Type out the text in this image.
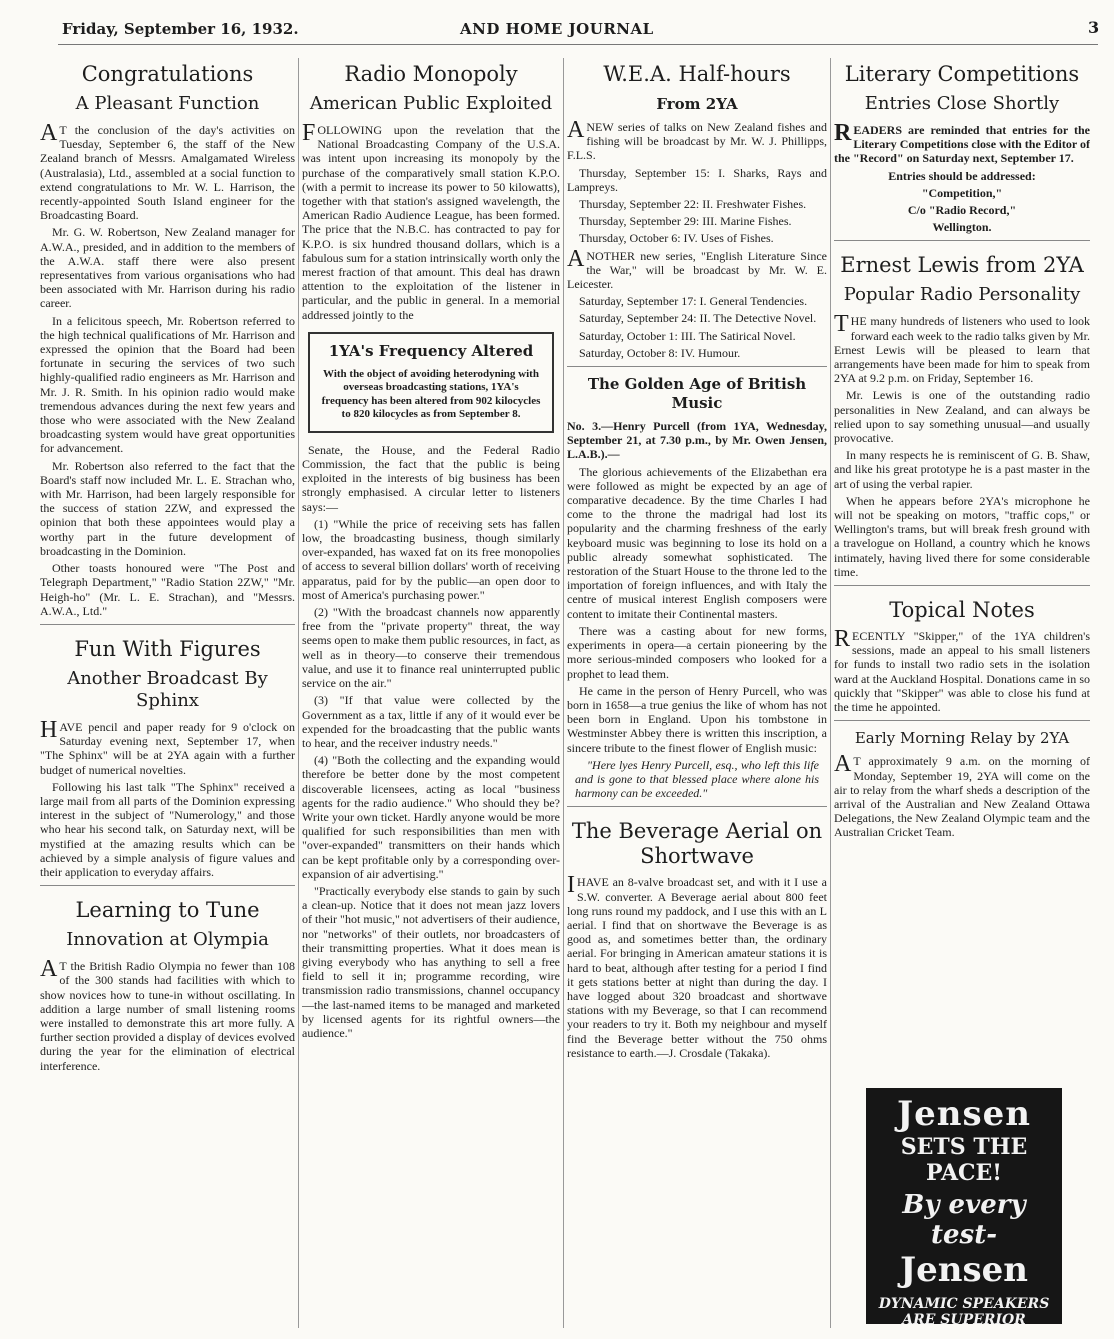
Friday, September 16, 1932.	AND HOME JOURNAL	3
Congratulations
A Pleasant Function

AT the conclusion of the day's activities on Tuesday, September 6, the staff of the New Zealand branch of Messrs. Amalgamated Wireless (Australasia), Ltd., assembled at a social function to extend congratulations to Mr. W. L. Harrison, the recently-appointed South Island engineer for the Broadcasting Board.

Mr. G. W. Robertson, New Zealand manager for A.W.A., presided, and in addition to the members of the A.W.A. staff there were also present representatives from various organisations who had been associated with Mr. Harrison during his radio career.

In a felicitous speech, Mr. Robertson referred to the high technical qualifications of Mr. Harrison and expressed the opinion that the Board had been fortunate in securing the services of two such highly-qualified radio engineers as Mr. Harrison and Mr. J. R. Smith. In his opinion radio would make tremendous advances during the next few years and those who were associated with the New Zealand broadcasting system would have great opportunities for advancement.

Mr. Robertson also referred to the fact that the Board's staff now included Mr. L. E. Strachan who, with Mr. Harrison, had been largely responsible for the success of station 2ZW, and expressed the opinion that both these appointees would play a worthy part in the future development of broadcasting in the Dominion.

Other toasts honoured were "The Post and Telegraph Department," "Radio Station 2ZW," "Mr. Heigh-ho" (Mr. L. E. Strachan), and "Messrs. A.W.A., Ltd."

Fun With Figures
Another Broadcast By Sphinx

HAVE pencil and paper ready for 9 o'clock on Saturday evening next, September 17, when "The Sphinx" will be at 2YA again with a further budget of numerical novelties.

Following his last talk "The Sphinx" received a large mail from all parts of the Dominion expressing interest in the subject of "Numerology," and those who hear his second talk, on Saturday next, will be mystified at the amazing results which can be achieved by a simple analysis of figure values and their application to everyday affairs.

Learning to Tune
Innovation at Olympia

AT the British Radio Olympia no fewer than 108 of the 300 stands had facilities with which to show novices how to tune-in without oscillating. In addition a large number of small listening rooms were installed to demonstrate this art more fully. A further section provided a display of devices evolved during the year for the elimination of electrical interference.

Radio Monopoly
American Public Exploited

FOLLOWING upon the revelation that the National Broadcasting Company of the U.S.A. was intent upon increasing its monopoly by the purchase of the comparatively small station K.P.O. (with a permit to increase its power to 50 kilowatts), together with that station's assigned wavelength, the American Radio Audience League, has been formed. The price that the N.B.C. has contracted to pay for K.P.O. is six hundred thousand dollars, which is a fabulous sum for a station intrinsically worth only the merest fraction of that amount. This deal has drawn attention to the exploitation of the listener in particular, and the public in general. In a memorial addressed jointly to the

1YA's Frequency Altered

With the object of avoiding heterodyning with overseas broadcasting stations, 1YA's frequency has been altered from 902 kilocycles to 820 kilocycles as from September 8.

Senate, the House, and the Federal Radio Commission, the fact that the public is being exploited in the interests of big business has been strongly emphasised. A circular letter to listeners says:—

(1) "While the price of receiving sets has fallen low, the broadcasting business, though similarly over-expanded, has waxed fat on its free monopolies of access to several billion dollars' worth of receiving apparatus, paid for by the public—an open door to most of America's purchasing power."

(2) "With the broadcast channels now apparently free from the "private property" threat, the way seems open to make them public resources, in fact, as well as in theory—to conserve their tremendous value, and use it to finance real uninterrupted public service on the air."

(3) "If that value were collected by the Government as a tax, little if any of it would ever be expended for the broadcasting that the public wants to hear, and the receiver industry needs."

(4) "Both the collecting and the expanding would therefore be better done by the most competent discoverable licensees, acting as local "business agents for the radio audience." Who should they be? Write your own ticket. Hardly anyone would be more qualified for such responsibilities than men with "over-expanded" transmitters on their hands which can be kept profitable only by a corresponding over-expansion of air advertising."

"Practically everybody else stands to gain by such a clean-up. Notice that it does not mean jazz lovers of their "hot music," not advertisers of their audience, nor "networks" of their outlets, nor broadcasters of their transmitting properties. What it does mean is giving everybody who has anything to sell a free field to sell it in; programme recording, wire transmission radio transmissions, channel occupancy —the last-named items to be managed and marketed by licensed agents for its rightful owners—the audience."

W.E.A. Half-hours
From 2YA

ANEW series of talks on New Zealand fishes and fishing will be broadcast by Mr. W. J. Phillipps, F.L.S.

Thursday, September 15: I. Sharks, Rays and Lampreys.

Thursday, September 22: II. Freshwater Fishes.

Thursday, September 29: III. Marine Fishes.

Thursday, October 6: IV. Uses of Fishes.

ANOTHER new series, "English Literature Since the War," will be broadcast by Mr. W. E. Leicester.

Saturday, September 17: I. General Tendencies.

Saturday, September 24: II. The Detective Novel.

Saturday, October 1: III. The Satirical Novel.

Saturday, October 8: IV. Humour.

The Golden Age of British Music

No. 3.—Henry Purcell (from 1YA, Wednesday, September 21, at 7.30 p.m., by Mr. Owen Jensen, L.A.B.).—

The glorious achievements of the Elizabethan era were followed as might be expected by an age of comparative decadence. By the time Charles I had come to the throne the madrigal had lost its popularity and the charming freshness of the early keyboard music was beginning to lose its hold on a public already somewhat sophisticated. The restoration of the Stuart House to the throne led to the importation of foreign influences, and with Italy the centre of musical interest English composers were content to imitate their Continental masters.

There was a casting about for new forms, experiments in opera—a certain pioneering by the more serious-minded composers who looked for a prophet to lead them.

He came in the person of Henry Purcell, who was born in 1658—a true genius the like of whom has not been born in England. Upon his tombstone in Westminster Abbey there is written this inscription, a sincere tribute to the finest flower of English music:

"Here lyes Henry Purcell, esq., who left this life and is gone to that blessed place where alone his harmony can be exceeded."

The Beverage Aerial on Shortwave

IHAVE an 8-valve broadcast set, and with it I use a S.W. converter. A Beverage aerial about 800 feet long runs round my paddock, and I use this with an L aerial. I find that on shortwave the Beverage is as good as, and sometimes better than, the ordinary aerial. For bringing in American amateur stations it is hard to beat, although after testing for a period I find it gets stations better at night than during the day. I have logged about 320 broadcast and shortwave stations with my Beverage, so that I can recommend your readers to try it. Both my neighbour and myself find the Beverage better without the 750 ohms resistance to earth.—J. Crosdale (Takaka).

Literary Competitions
Entries Close Shortly

READERS are reminded that entries for the Literary Competitions close with the Editor of the "Record" on Saturday next, September 17.

Entries should be addressed:

"Competition,"

C/o "Radio Record,"

Wellington.

Ernest Lewis from 2YA
Popular Radio Personality

THE many hundreds of listeners who used to look forward each week to the radio talks given by Mr. Ernest Lewis will be pleased to learn that arrangements have been made for him to speak from 2YA at 9.2 p.m. on Friday, September 16.

Mr. Lewis is one of the outstanding radio personalities in New Zealand, and can always be relied upon to say something unusual—and usually provocative.

In many respects he is reminiscent of G. B. Shaw, and like his great prototype he is a past master in the art of using the verbal rapier.

When he appears before 2YA's microphone he will not be speaking on motors, "traffic cops," or Wellington's trams, but will break fresh ground with a travelogue on Holland, a country which he knows intimately, having lived there for some considerable time.

Topical Notes

RECENTLY "Skipper," of the 1YA children's sessions, made an appeal to his small listeners for funds to install two radio sets in the isolation ward at the Auckland Hospital. Donations came in so quickly that "Skipper" was able to close his fund at the time he appointed.

Early Morning Relay by 2YA

AT approximately 9 a.m. on the morning of Monday, September 19, 2YA will come on the air to relay from the wharf sheds a description of the arrival of the Australian and New Zealand Ottawa Delegations, the New Zealand Olympic team and the Australian Cricket Team.

Jensen
SETS THE PACE!
By every test-
Jensen
DYNAMIC SPEAKERS
ARE SUPERIOR
